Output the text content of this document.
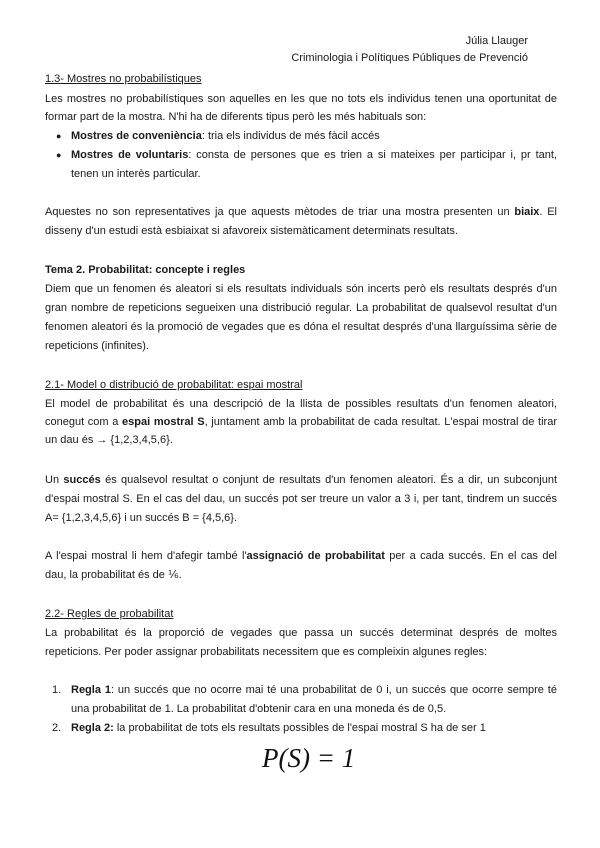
Júlia Llauger
Criminologia i Polítiques Públiques de Prevenció
1.3- Mostres no probabilístiques
Les mostres no probabilístiques son aquelles en les que no tots els individus tenen una oportunitat de
formar part de la mostra. N'hi ha de diferents tipus però les més habituals son:
● Mostres de conveniència: tria els individus de més fàcil accés
● Mostres de voluntaris: consta de persones que es trien a si mateixes per participar i, pr tant,
tenen un interès particular.
Aquestes no son representatives ja que aquests mètodes de triar una mostra presenten un biaix. El
disseny d'un estudi està esbiaixat si afavoreix sistemàticament determinats resultats.
Tema 2. Probabilitat: concepte i regles
Diem que un fenomen és aleatori si els resultats individuals són incerts però els resultats després d'un
gran nombre de repeticions segueixen una distribució regular. La probabilitat de qualsevol resultat d'un
fenomen aleatori és la promoció de vegades que es dóna el resultat després d'una llarguíssima sèrie de
repeticions (infinites).
2.1- Model o distribució de probabilitat: espai mostral
El model de probabilitat és una descripció de la llista de possibles resultats d'un fenomen aleatori,
conegut com a espai mostral S, juntament amb la probabilitat de cada resultat. L'espai mostral de tirar
un dau és → {1,2,3,4,5,6}.
Un succés és qualsevol resultat o conjunt de resultats d'un fenomen aleatori. És a dir, un subconjunt
d'espai mostral S. En el cas del dau, un succés pot ser treure un valor a 3 i, per tant, tindrem un succés
A= {1,2,3,4,5,6} i un succés B = {4,5,6}.
A l'espai mostral li hem d'afegir també l'assignació de probabilitat per a cada succés. En el cas del
dau, la probabilitat és de ⅙.
2.2- Regles de probabilitat
La probabilitat és la proporció de vegades que passa un succés determinat després de moltes
repeticions. Per poder assignar probabilitats necessitem que es compleixin algunes regles:
1. Regla 1: un succés que no ocorre mai té una probabilitat de 0 i, un succés que ocorre sempre té
una probabilitat de 1. La probabilitat d'obtenir cara en una moneda és de 0,5.
2. Regla 2: la probabilitat de tots els resultats possibles de l'espai mostral S ha de ser 1
P(S) = 1
